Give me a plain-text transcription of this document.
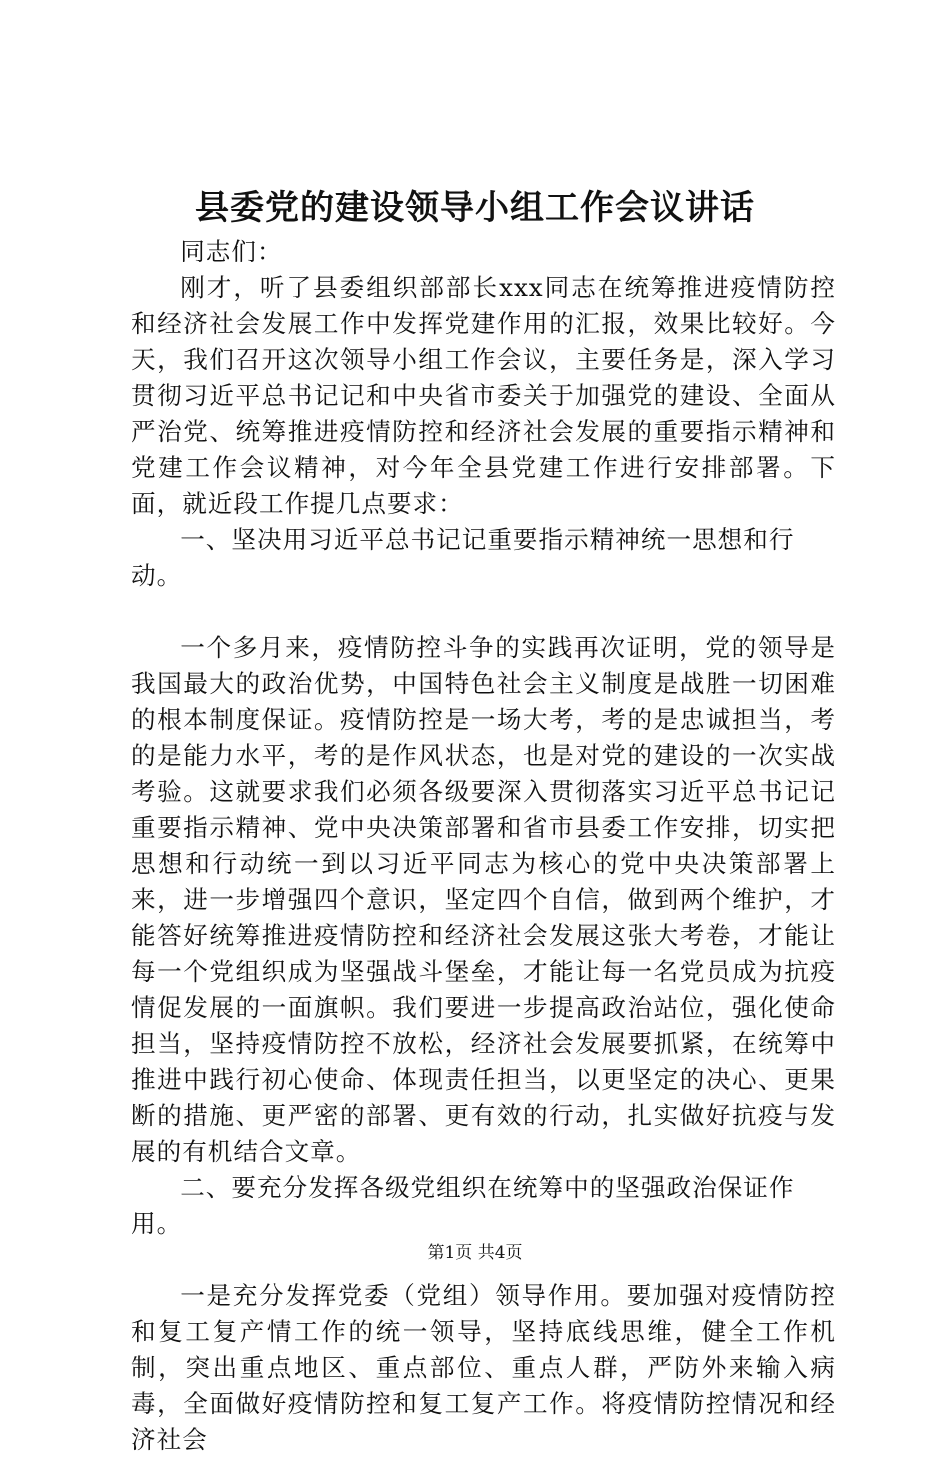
县委党的建设领导小组工作会议讲话

同志们：

刚才，听了县委组织部部长xxx同志在统筹推进疫情防控和经济社会发展工作中发挥党建作用的汇报，效果比较好。今天，我们召开这次领导小组工作会议，主要任务是，深入学习贯彻习近平总书记记和中央省市委关于加强党的建设、全面从严治党、统筹推进疫情防控和经济社会发展的重要指示精神和党建工作会议精神，对今年全县党建工作进行安排部署。下面，就近段工作提几点要求：

一、坚决用习近平总书记记重要指示精神统一思想和行动。

一个多月来，疫情防控斗争的实践再次证明，党的领导是我国最大的政治优势，中国特色社会主义制度是战胜一切困难的根本制度保证。疫情防控是一场大考，考的是忠诚担当，考的是能力水平，考的是作风状态，也是对党的建设的一次实战考验。这就要求我们必须各级要深入贯彻落实习近平总书记记重要指示精神、党中央决策部署和省市县委工作安排，切实把思想和行动统一到以习近平同志为核心的党中央决策部署上来，进一步增强四个意识，坚定四个自信，做到两个维护，才能答好统筹推进疫情防控和经济社会发展这张大考卷，才能让每一个党组织成为坚强战斗堡垒，才能让每一名党员成为抗疫情促发展的一面旗帜。我们要进一步提高政治站位，强化使命担当，坚持疫情防控不放松，经济社会发展要抓紧，在统筹中推进中践行初心使命、体现责任担当，以更坚定的决心、更果断的措施、更严密的部署、更有效的行动，扎实做好抗疫与发展的有机结合文章。

二、要充分发挥各级党组织在统筹中的坚强政治保证作用。

一是充分发挥党委（党组）领导作用。要加强对疫情防控和复工复产情工作的统一领导，坚持底线思维，健全工作机制，突出重点地区、重点部位、重点人群，严防外来输入病毒，全面做好疫情防控和复工复产工作。将疫情防控情况和经济社会

第1页 共4页
